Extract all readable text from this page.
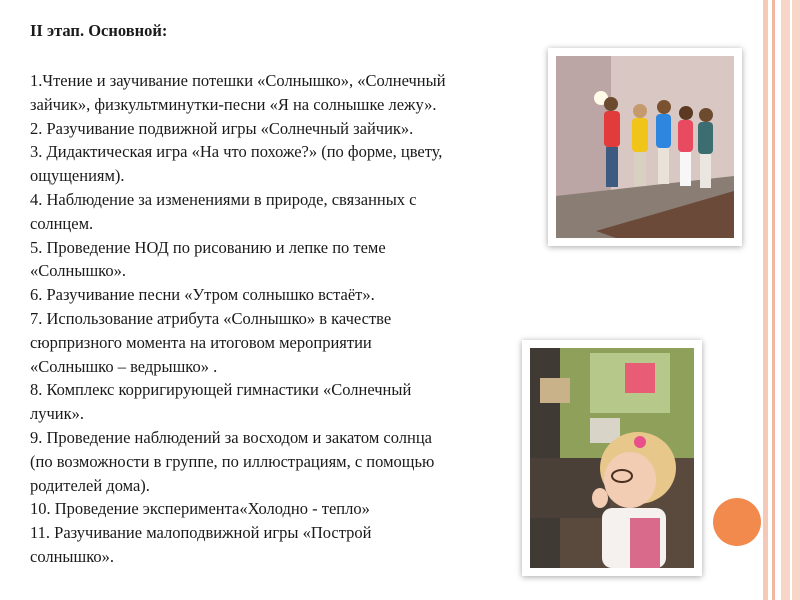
II этап. Основной:
1.Чтение и заучивание потешки «Солнышко», «Солнечный
зайчик», физкультминутки-песни «Я на солнышке лежу».
2. Разучивание подвижной игры «Солнечный зайчик».
3. Дидактическая игра «На что похоже?» (по форме, цвету,
ощущениям).
4. Наблюдение за изменениями в природе, связанных с
солнцем.
5. Проведение НОД по рисованию и лепке по теме
«Солнышко».
6. Разучивание песни «Утром солнышко встаёт».
7. Использование атрибута «Солнышко» в качестве
сюрпризного момента на итоговом мероприятии
«Солнышко – ведрышко» .
8. Комплекс корригирующей гимнастики «Солнечный
лучик».
9. Проведение наблюдений за восходом и закатом солнца
(по возможности в группе, по иллюстрациям, с помощью
родителей дома).
10. Проведение эксперимента«Холодно - тепло»
11. Разучивание малоподвижной игры «Построй
солнышко».
